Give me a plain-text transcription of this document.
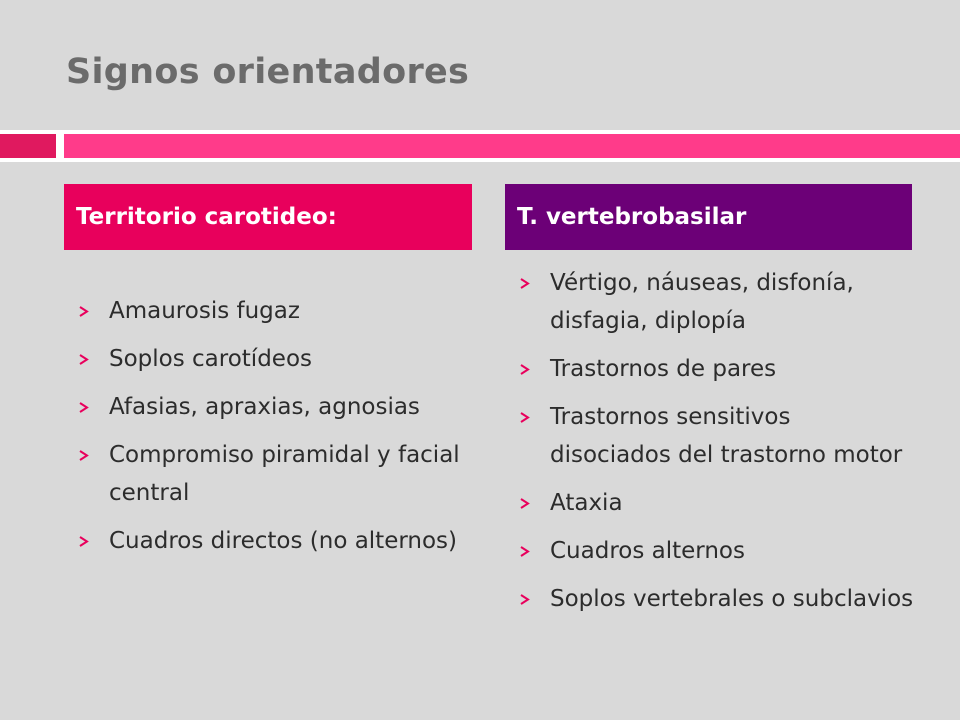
Signos orientadores
Territorio carotideo:	T. vertebrobasilar
Amaurosis fugaz
Soplos carotídeos
Afasias, apraxias, agnosias
Compromiso piramidal y facial central
Cuadros directos (no alternos)
Vértigo, náuseas, disfonía, disfagia, diplopía
Trastornos de pares
Trastornos sensitivos disociados del trastorno motor
Ataxia
Cuadros alternos
Soplos vertebrales o subclavios
